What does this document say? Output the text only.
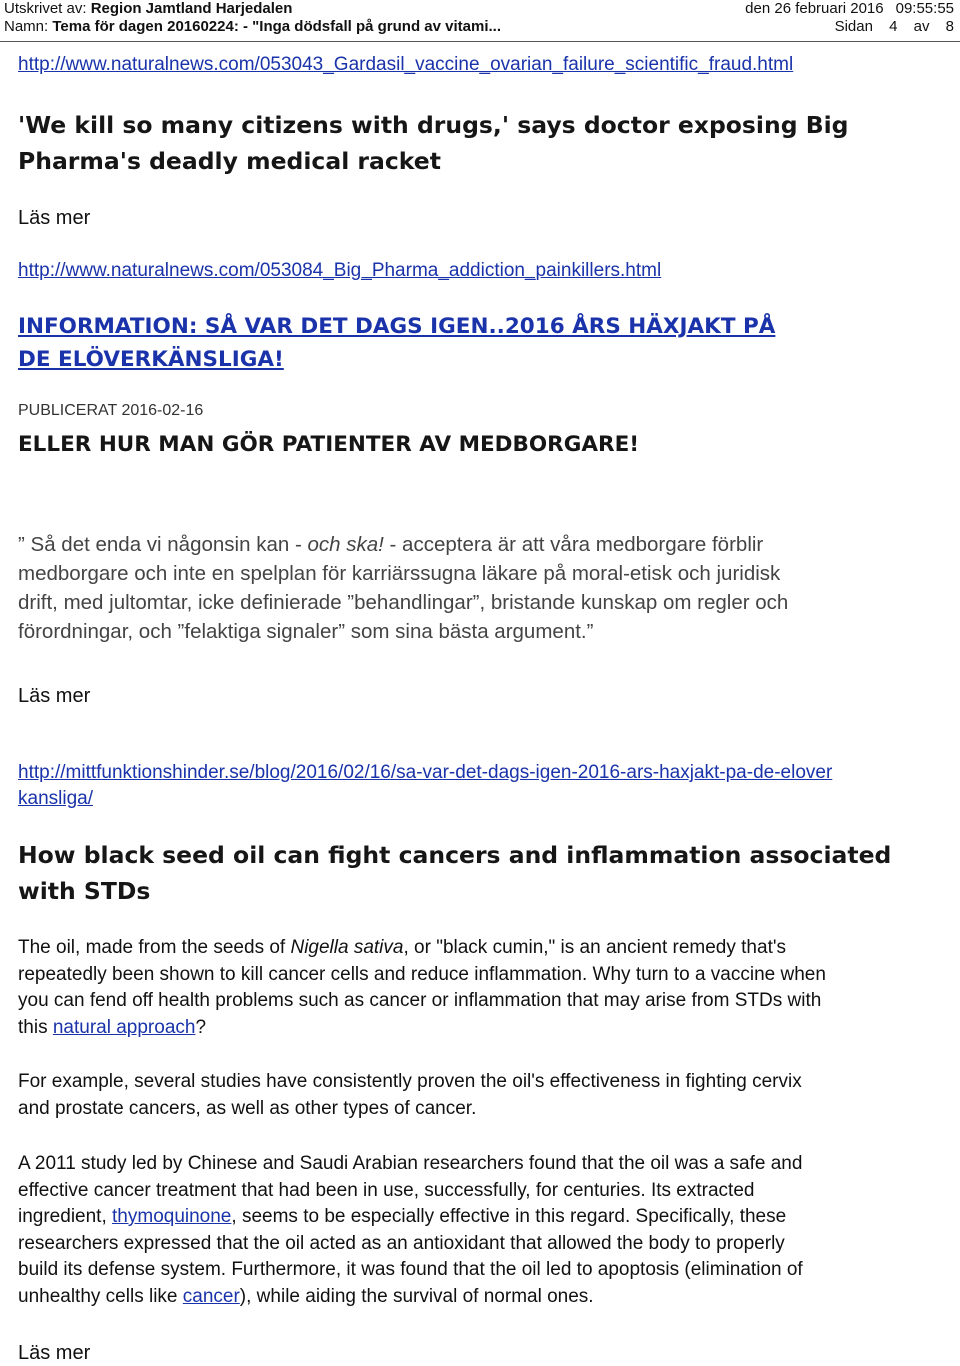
Utskrivet av: Region Jamtland Harjedalen	den 26 februari 2016 09:55:55
Namn: Tema för dagen 20160224: - "Inga dödsfall på grund av vitami...	Sidan 4 av 8
http://www.naturalnews.com/053043_Gardasil_vaccine_ovarian_failure_scientific_fraud.html
'We kill so many citizens with drugs,' says doctor exposing Big
Pharma's deadly medical racket
Läs mer
http://www.naturalnews.com/053084_Big_Pharma_addiction_painkillers.html
INFORMATION: SÅ VAR DET DAGS IGEN..2016 ÅRS HÄXJAKT PÅ
DE ELÖVERKÄNSLIGA!
PUBLICERAT 2016-02-16
ELLER HUR MAN GÖR PATIENTER AV MEDBORGARE!
” Så det enda vi någonsin kan - och ska! - acceptera är att våra medborgare förblir
medborgare och inte en spelplan för karriärssugna läkare på moral-etisk och juridisk
drift, med jultomtar, icke definierade ”behandlingar”, bristande kunskap om regler och
förordningar, och ”felaktiga signaler” som sina bästa argument.”
Läs mer
http://mittfunktionshinder.se/blog/2016/02/16/sa-var-det-dags-igen-2016-ars-haxjakt-pa-de-elover
kansliga/
How black seed oil can fight cancers and inflammation associated
with STDs
The oil, made from the seeds of Nigella sativa, or "black cumin," is an ancient remedy that's
repeatedly been shown to kill cancer cells and reduce inflammation. Why turn to a vaccine when
you can fend off health problems such as cancer or inflammation that may arise from STDs with
this natural approach?
For example, several studies have consistently proven the oil's effectiveness in fighting cervix
and prostate cancers, as well as other types of cancer.
A 2011 study led by Chinese and Saudi Arabian researchers found that the oil was a safe and
effective cancer treatment that had been in use, successfully, for centuries. Its extracted
ingredient, thymoquinone, seems to be especially effective in this regard. Specifically, these
researchers expressed that the oil acted as an antioxidant that allowed the body to properly
build its defense system. Furthermore, it was found that the oil led to apoptosis (elimination of
unhealthy cells like cancer), while aiding the survival of normal ones.
Läs mer
